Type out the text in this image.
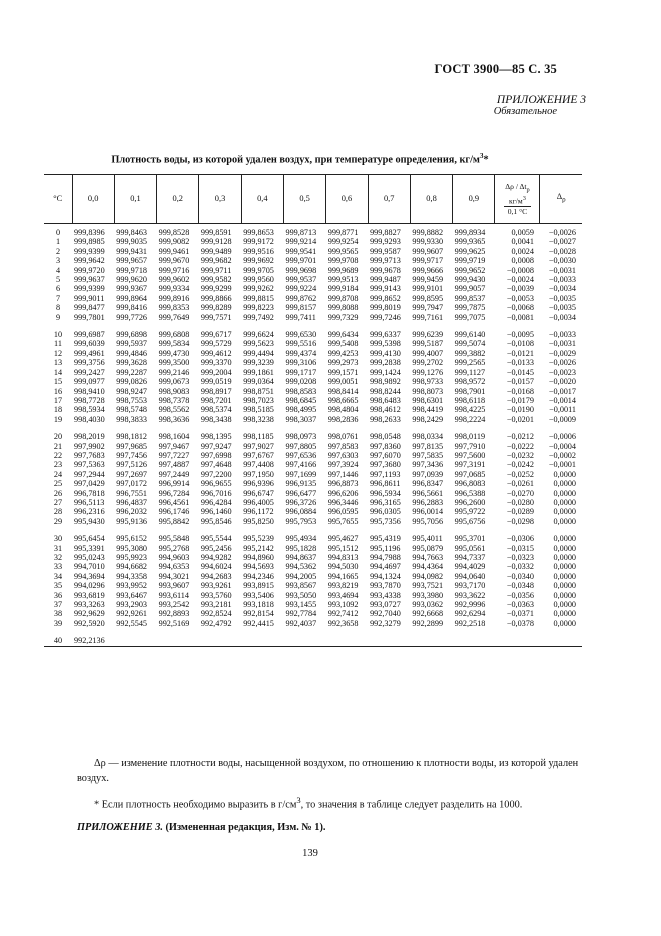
ГОСТ 3900—85 С. 35
ПРИЛОЖЕНИЕ 3
Обязательное
Плотность воды, из которой удален воздух, при температуре определения, $кг/м^3*$
°C	0,0	0,1	0,2	0,3	0,4	0,5	0,6	0,7	0,8	0,9	Δρ / $\Delta t_р$
$кг/м^3$
0,1 °C	$\Delta_\rho$
0	999,8396	999,8463	999,8528	999,8591	999,8653	999,8713	999,8771	999,8827	999,8882	999,8934	0,0059	−0,0026
1	999,8985	999,9035	999,9082	999,9128	999,9172	999,9214	999,9254	999,9293	999,9330	999,9365	0,0041	−0,0027
2	999,9399	999,9431	999,9461	999,9489	999,9516	999,9541	999,9565	999,9587	999,9607	999,9625	0,0024	−0,0028
3	999,9642	999,9657	999,9670	999,9682	999,9692	999,9701	999,9708	999,9713	999,9717	999,9719	0,0008	−0,0030
4	999,9720	999,9718	999,9716	999,9711	999,9705	999,9698	999,9689	999,9678	999,9666	999,9652	−0,0008	−0,0031
5	999,9637	999,9620	999,9602	999,9582	999,9560	999,9537	999,9513	999,9487	999,9459	999,9430	−0,0024	−0,0033
6	999,9399	999,9367	999,9334	999,9299	999,9262	999,9224	999,9184	999,9143	999,9101	999,9057	−0,0039	−0,0034
7	999,9011	999,8964	999,8916	999,8866	999,8815	999,8762	999,8708	999,8652	999,8595	999,8537	−0,0053	−0,0035
8	999,8477	999,8416	999,8353	999,8289	999,8223	999,8157	999,8088	999,8019	999,7947	999,7875	−0,0068	−0,0035
9	999,7801	999,7726	999,7649	999,7571	999,7492	999,7411	999,7329	999,7246	999,7161	999,7075	−0,0081	−0,0034

10	999,6987	999,6898	999,6808	999,6717	999,6624	999,6530	999,6434	999,6337	999,6239	999,6140	−0,0095	−0,0033
11	999,6039	999,5937	999,5834	999,5729	999,5623	999,5516	999,5408	999,5398	999,5187	999,5074	−0,0108	−0,0031
12	999,4961	999,4846	999,4730	999,4612	999,4494	999,4374	999,4253	999,4130	999,4007	999,3882	−0,0121	−0,0029
13	999,3756	999,3628	999,3500	999,3370	999,3239	999,3106	999,2973	999,2838	999,2702	999,2565	−0,0133	−0,0026
14	999,2427	999,2287	999,2146	999,2004	999,1861	999,1717	999,1571	999,1424	999,1276	999,1127	−0,0145	−0,0023
15	999,0977	999,0826	999,0673	999,0519	999,0364	999,0208	999,0051	998,9892	998,9733	998,9572	−0,0157	−0,0020
16	998,9410	998,9247	998,9083	998,8917	998,8751	998,8583	998,8414	998,8244	998,8073	998,7901	−0,0168	−0,0017
17	998,7728	998,7553	998,7378	998,7201	998,7023	998,6845	998,6665	998,6483	998,6301	998,6118	−0,0179	−0,0014
18	998,5934	998,5748	998,5562	998,5374	998,5185	998,4995	998,4804	998,4612	998,4419	998,4225	−0,0190	−0,0011
19	998,4030	998,3833	998,3636	998,3438	998,3238	998,3037	998,2836	998,2633	998,2429	998,2224	−0,0201	−0,0009

20	998,2019	998,1812	998,1604	998,1395	998,1185	998,0973	998,0761	998,0548	998,0334	998,0119	−0,0212	−0,0006
21	997,9902	997,9685	997,9467	997,9247	997,9027	997,8805	997,8583	997,8360	997,8135	997,7910	−0,0222	−0,0004
22	997,7683	997,7456	997,7227	997,6998	997,6767	997,6536	997,6303	997,6070	997,5835	997,5600	−0,0232	−0,0002
23	997,5363	997,5126	997,4887	997,4648	997,4408	997,4166	997,3924	997,3680	997,3436	997,3191	−0,0242	−0,0001
24	997,2944	997,2697	997,2449	997,2200	997,1950	997,1699	997,1446	997,1193	997,0939	997,0685	−0,0252	0,0000
25	997,0429	997,0172	996,9914	996,9655	996,9396	996,9135	996,8873	996,8611	996,8347	996,8083	−0,0261	0,0000
26	996,7818	996,7551	996,7284	996,7016	996,6747	996,6477	996,6206	996,5934	996,5661	996,5388	−0,0270	0,0000
27	996,5113	996,4837	996,4561	996,4284	996,4005	996,3726	996,3446	996,3165	996,2883	996,2600	−0,0280	0,0000
28	996,2316	996,2032	996,1746	996,1460	996,1172	996,0884	996,0595	996,0305	996,0014	995,9722	−0,0289	0,0000
29	995,9430	995,9136	995,8842	995,8546	995,8250	995,7953	995,7655	995,7356	995,7056	995,6756	−0,0298	0,0000

30	995,6454	995,6152	995,5848	995,5544	995,5239	995,4934	995,4627	995,4319	995,4011	995,3701	−0,0306	0,0000
31	995,3391	995,3080	995,2768	995,2456	995,2142	995,1828	995,1512	995,1196	995,0879	995,0561	−0,0315	0,0000
32	995,0243	995,9923	994,9603	994,9282	994,8960	994,8637	994,8313	994,7988	994,7663	994,7337	−0,0323	0,0000
33	994,7010	994,6682	994,6353	994,6024	994,5693	994,5362	994,5030	994,4697	994,4364	994,4029	−0,0332	0,0000
34	994,3694	994,3358	994,3021	994,2683	994,2346	994,2005	994,1665	994,1324	994,0982	994,0640	−0,0340	0,0000
35	994,0296	993,9952	993,9607	993,9261	993,8915	993,8567	993,8219	993,7870	993,7521	993,7170	−0,0348	0,0000
36	993,6819	993,6467	993,6114	993,5760	993,5406	993,5050	993,4694	993,4338	993,3980	993,3622	−0,0356	0,0000
37	993,3263	993,2903	993,2542	993,2181	993,1818	993,1455	993,1092	993,0727	993,0362	992,9996	−0,0363	0,0000
38	992,9629	992,9261	992,8893	992,8524	992,8154	992,7784	992,7412	992,7040	992,6668	992,6294	−0,0371	0,0000
39	992,5920	992,5545	992,5169	992,4792	992,4415	992,4037	992,3658	992,3279	992,2899	992,2518	−0,0378	0,0000

40	992,2136											
Δρ — изменение плотности воды, насыщенной воздухом, по отношению к плотности воды, из которой удален воздух.
* Если плотность необходимо выразить в $г/см^3$, то значения в таблице следует разделить на 1000.
ПРИЛОЖЕНИЕ 3. (Измененная редакция, Изм. № 1).
139
